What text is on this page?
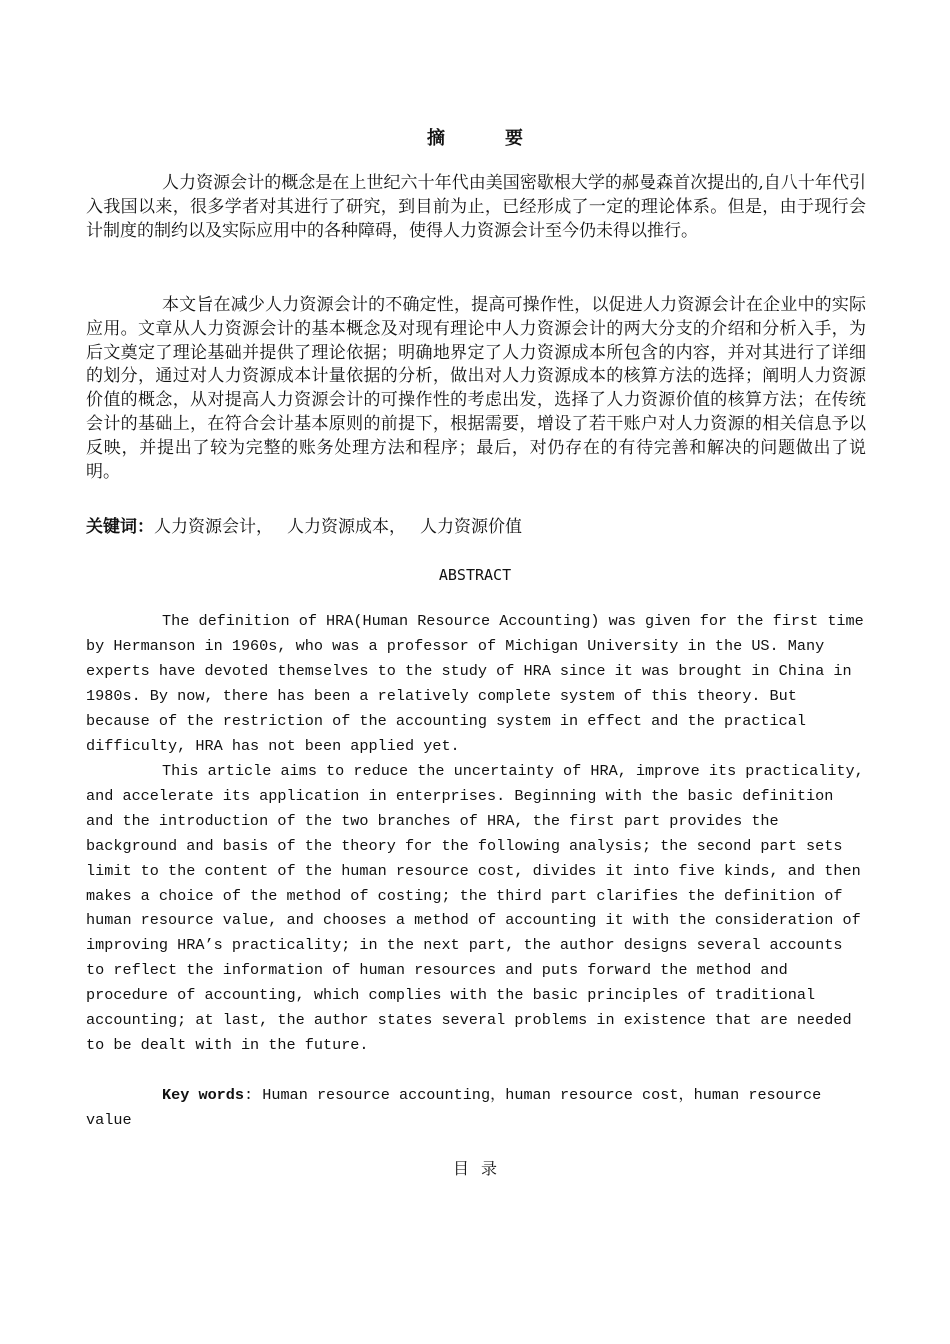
摘要

人力资源会计的概念是在上世纪六十年代由美国密歇根大学的郝曼森首次提出的,自八十年代引入我国以来，很多学者对其进行了研究，到目前为止，已经形成了一定的理论体系。但是，由于现行会计制度的制约以及实际应用中的各种障碍，使得人力资源会计至今仍未得以推行。

本文旨在减少人力资源会计的不确定性，提高可操作性，以促进人力资源会计在企业中的实际应用。文章从人力资源会计的基本概念及对现有理论中人力资源会计的两大分支的介绍和分析入手，为后文奠定了理论基础并提供了理论依据；明确地界定了人力资源成本所包含的内容，并对其进行了详细的划分，通过对人力资源成本计量依据的分析，做出对人力资源成本的核算方法的选择；阐明人力资源价值的概念，从对提高人力资源会计的可操作性的考虑出发，选择了人力资源价值的核算方法；在传统会计的基础上，在符合会计基本原则的前提下，根据需要，增设了若干账户对人力资源的相关信息予以反映，并提出了较为完整的账务处理方法和程序；最后，对仍存在的有待完善和解决的问题做出了说明。

关键词：人力资源会计， 人力资源成本， 人力资源价值

ABSTRACT

The definition of HRA(Human Resource Accounting) was given for the first time by Hermanson in 1960s, who was a professor of Michigan University in the US. Many experts have devoted themselves to the study of HRA since it was brought in China in 1980s. By now, there has been a relatively complete system of this theory. But because of the restriction of the accounting system in effect and the practical difficulty, HRA has not been applied yet.

This article aims to reduce the uncertainty of HRA, improve its practicality, and accelerate its application in enterprises. Beginning with the basic definition and the introduction of the two branches of HRA, the first part provides the background and basis of the theory for the following analysis; the second part sets limit to the content of the human resource cost, divides it into five kinds, and then makes a choice of the method of costing; the third part clarifies the definition of human resource value, and chooses a method of accounting it with the consideration of improving HRA’s practicality; in the next part, the author designs several accounts to reflect the information of human resources and puts forward the method and procedure of accounting, which complies with the basic principles of traditional accounting; at last, the author states several problems in existence that are needed to be dealt with in the future.

Key words: Human resource accounting，human resource cost，human resource value

目录
